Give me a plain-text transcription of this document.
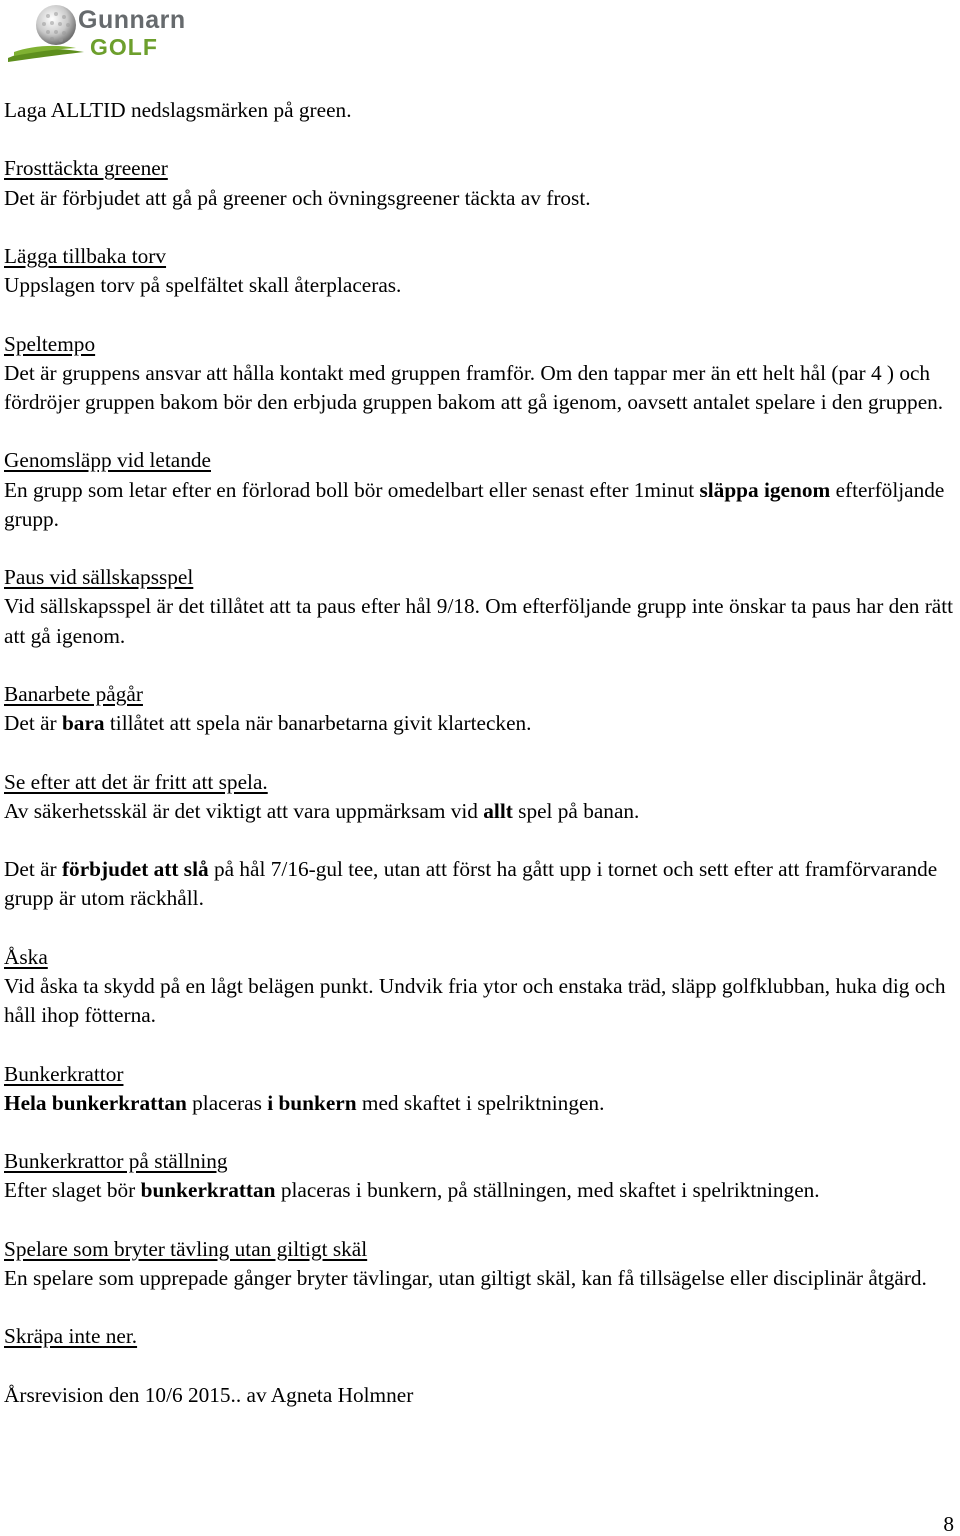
Gunnarn
GOLF
Laga ALLTID nedslagsmärken på green.
Frosttäckta greener
Det är förbjudet att gå på greener och övningsgreener täckta av frost.
Lägga tillbaka torv
Uppslagen torv på spelfältet skall återplaceras.
Speltempo
Det är gruppens ansvar att hålla kontakt med gruppen framför. Om den tappar mer än ett helt hål (par 4 ) och fördröjer gruppen bakom bör den erbjuda gruppen bakom att gå igenom, oavsett antalet spelare i den gruppen.
Genomsläpp vid letande
En grupp som letar efter en förlorad boll bör omedelbart eller senast efter 1minut släppa igenom efterföljande grupp.
Paus vid sällskapsspel
Vid sällskapsspel är det tillåtet att ta paus efter hål 9/18. Om efterföljande grupp inte önskar ta paus har den rätt att gå igenom.
Banarbete pågår
Det är bara tillåtet att spela när banarbetarna givit klartecken.
Se efter att det är fritt att spela.
Av säkerhetsskäl är det viktigt att vara uppmärksam vid allt spel på banan.
Det är förbjudet att slå på hål 7/16-gul tee, utan att först ha gått upp i tornet och sett efter att framförvarande grupp är utom räckhåll.
Åska
Vid åska ta skydd på en lågt belägen punkt. Undvik fria ytor och enstaka träd, släpp golfklubban, huka dig och håll ihop fötterna.
Bunkerkrattor
Hela bunkerkrattan placeras i bunkern med skaftet i spelriktningen.
Bunkerkrattor på ställning
Efter slaget bör bunkerkrattan placeras i bunkern, på ställningen, med skaftet i spelriktningen.
Spelare som bryter tävling utan giltigt skäl
En spelare som upprepade gånger bryter tävlingar, utan giltigt skäl, kan få tillsägelse eller disciplinär åtgärd.
Skräpa inte ner.
Årsrevision den 10/6 2015.. av Agneta Holmner
8
